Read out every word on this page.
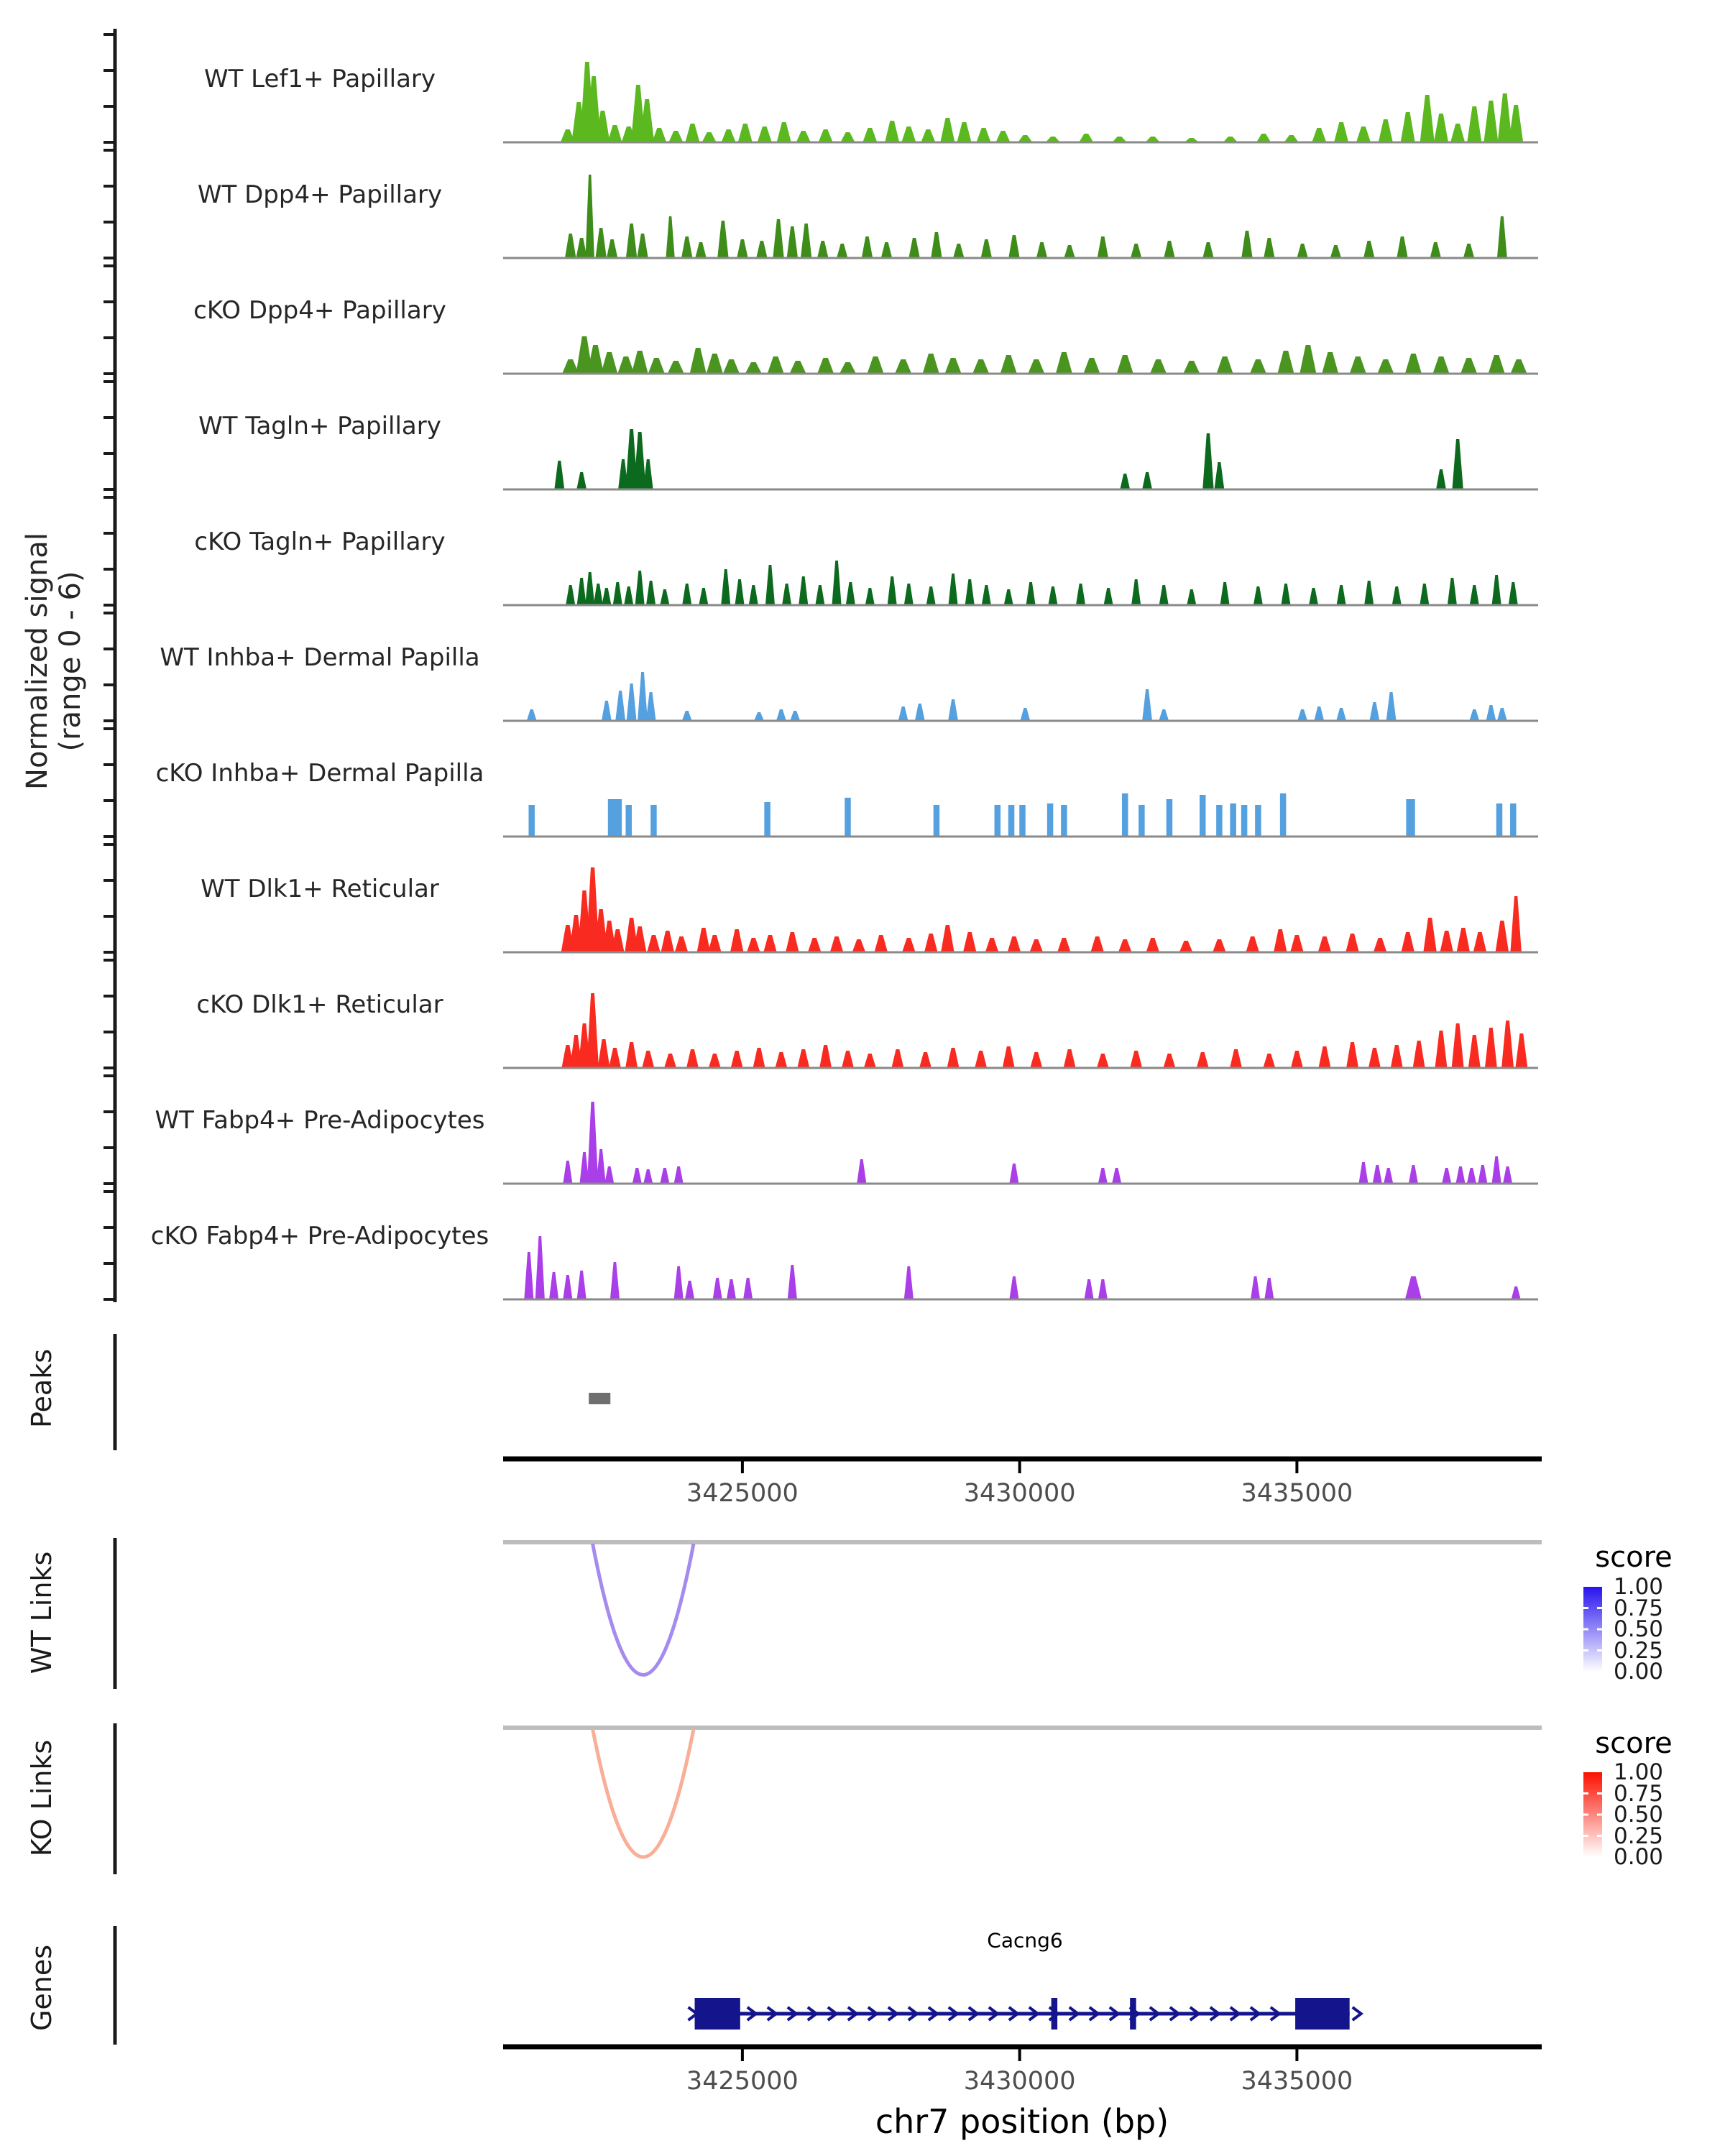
Normalized signal (range 0 - 6)
Peaks
WT Links
KO Links
Genes
score
score
Cacng6
chr7 position (bp)
WT Lef1+ Papillary
WT Dpp4+ Papillary
cKO Dpp4+ Papillary
WT Tagln+ Papillary
cKO Tagln+ Papillary
WT Inhba+ Dermal Papilla
cKO Inhba+ Dermal Papilla
WT Dlk1+ Reticular
cKO Dlk1+ Reticular
WT Fabp4+ Pre-Adipocytes
cKO Fabp4+ Pre-Adipocytes
3425000	3430000	3435000
1.00
0.75
0.50
0.25
0.00
1.00
0.75
0.50
0.25
0.00
3425000	3430000	3435000
